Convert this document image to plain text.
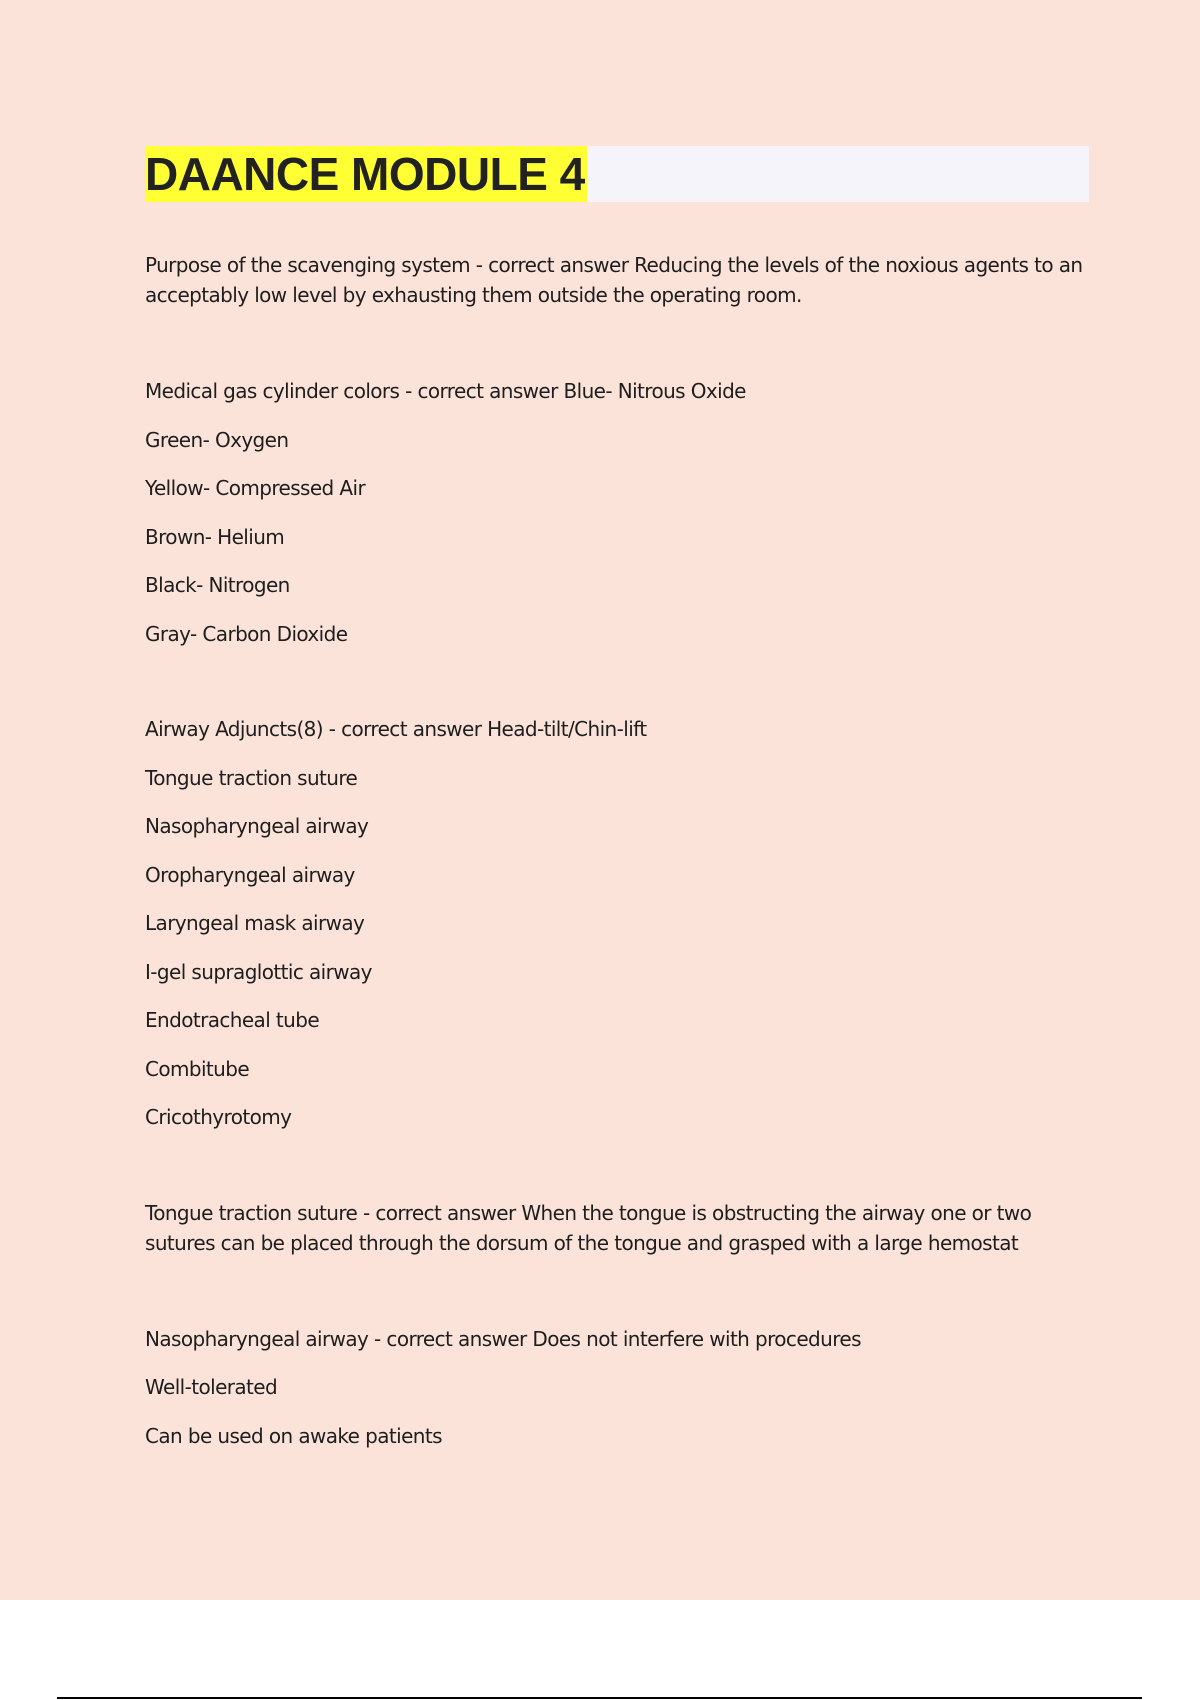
DAANCE MODULE 4

Purpose of the scavenging system - correct answer Reducing the levels of the noxious agents to an acceptably low level by exhausting them outside the operating room.

Medical gas cylinder colors - correct answer Blue- Nitrous Oxide

Green- Oxygen

Yellow- Compressed Air

Brown- Helium

Black- Nitrogen

Gray- Carbon Dioxide

Airway Adjuncts(8) - correct answer Head-tilt/Chin-lift

Tongue traction suture

Nasopharyngeal airway

Oropharyngeal airway

Laryngeal mask airway

I-gel supraglottic airway

Endotracheal tube

Combitube

Cricothyrotomy

Tongue traction suture - correct answer When the tongue is obstructing the airway one or two sutures can be placed through the dorsum of the tongue and grasped with a large hemostat

Nasopharyngeal airway - correct answer Does not interfere with procedures

Well-tolerated

Can be used on awake patients
